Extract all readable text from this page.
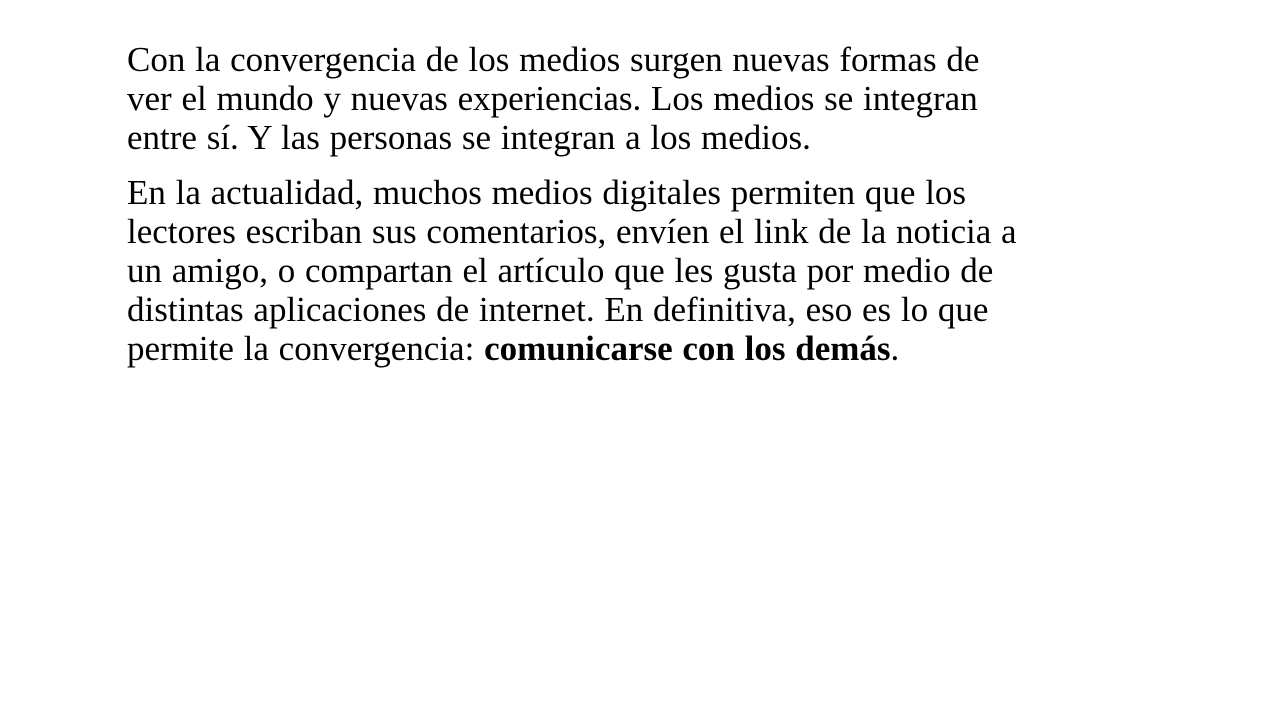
Con la convergencia de los medios surgen nuevas formas de
ver el mundo y nuevas experiencias. Los medios se integran
entre sí. Y las personas se integran a los medios.

En la actualidad, muchos medios digitales permiten que los
lectores escriban sus comentarios, envíen el link de la noticia a
un amigo, o compartan el artículo que les gusta por medio de
distintas aplicaciones de internet. En definitiva, eso es lo que
permite la convergencia: comunicarse con los demás.
